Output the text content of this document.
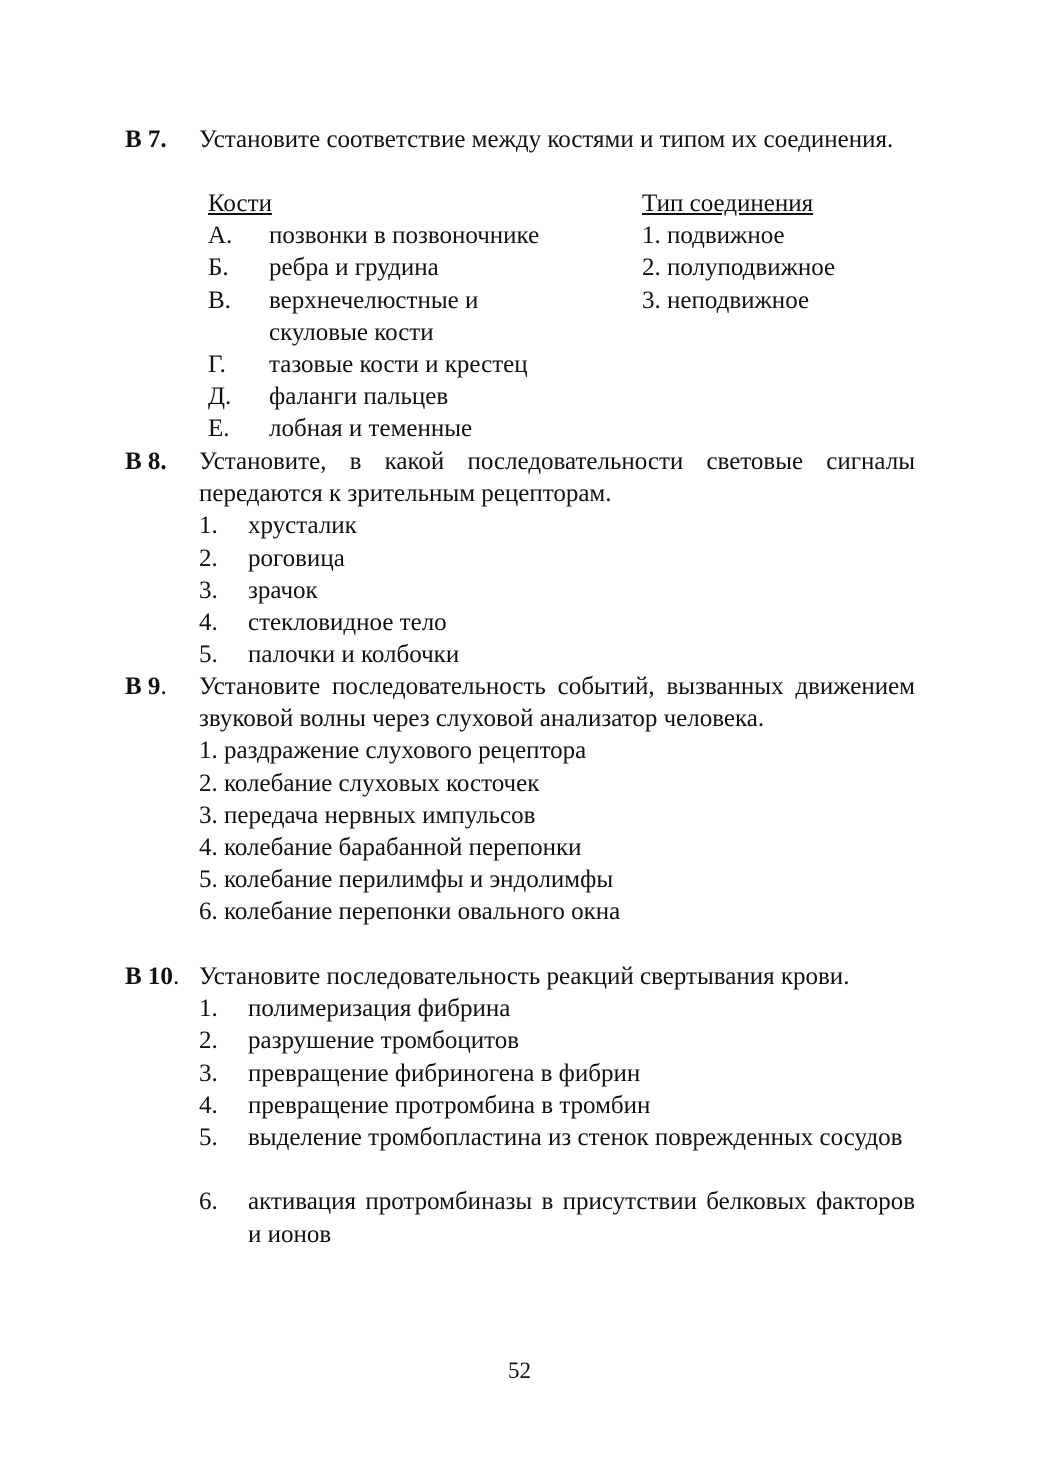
В 7. Установите соответствие между костями и типом их соединения.
Кости
А. позвонки в позвоночнике
Б. ребра и грудина
В. верхнечелюстные и скуловые кости
Г. тазовые кости и крестец
Д. фаланги пальцев
Е. лобная и теменные
Тип соединения
1. подвижное
2. полуподвижное
3. неподвижное
В 8. Установите, в какой последовательности световые сигналы передаются к зрительным рецепторам.
1. хрусталик
2. роговица
3. зрачок
4. стекловидное тело
5. палочки и колбочки
В 9. Установите последовательность событий, вызванных движением звуковой волны через слуховой анализатор человека.
1. раздражение слухового рецептора
2. колебание слуховых косточек
3. передача нервных импульсов
4. колебание барабанной перепонки
5. колебание перилимфы и эндолимфы
6. колебание перепонки овального окна
В 10. Установите последовательность реакций свертывания крови.
1. полимеризация фибрина
2. разрушение тромбоцитов
3. превращение фибриногена в фибрин
4. превращение протромбина в тромбин
5. выделение тромбопластина из стенок поврежденных сосудов
6. активация протромбиназы в присутствии белковых факторов и ионов
52
